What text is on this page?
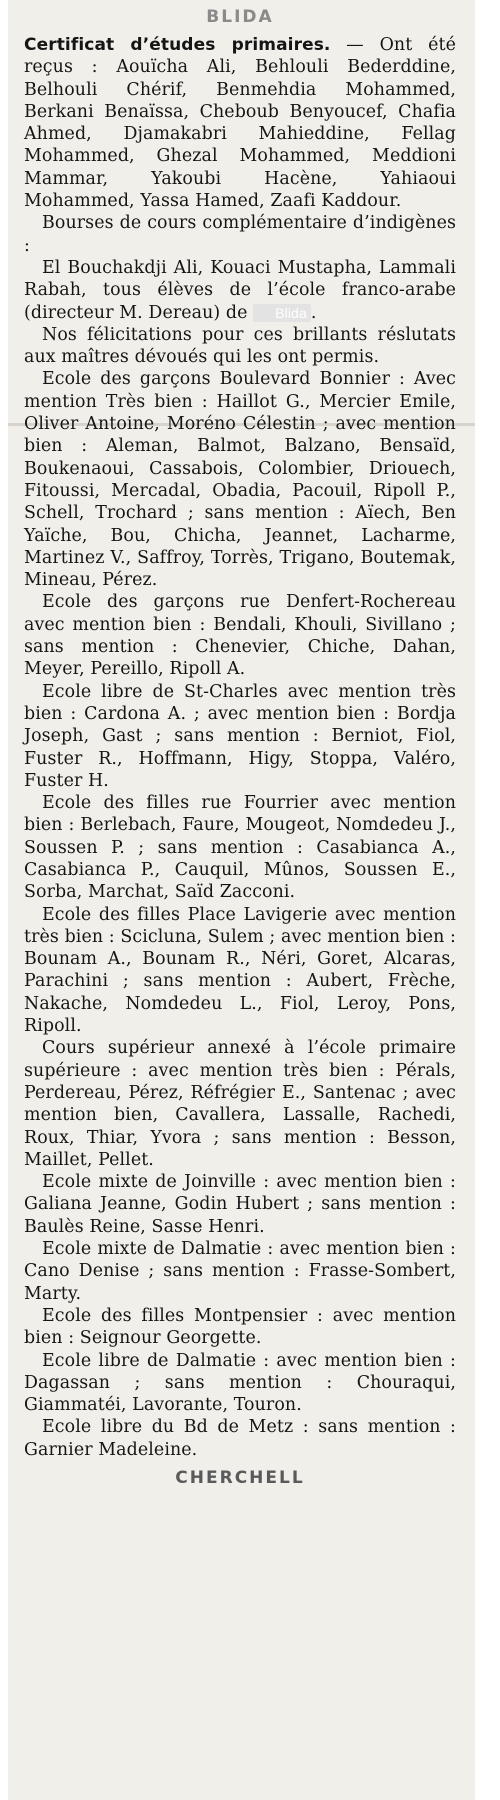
BLIDA

Certificat d’études primaires. — Ont été reçus : Aouïcha Ali, Behlouli Bederddine, Belhouli Chérif, Benmehdia Mohammed, Berkani Benaïssa, Cheboub Benyoucef, Chafia Ahmed, Djamakabri Mahieddine, Fellag Mohammed, Ghezal Mohammed, Meddioni Mammar, Yakoubi Hacène, Yahiaoui Mohammed, Yassa Hamed, Zaafi Kaddour.

Bourses de cours complémentaire d’indigènes :

El Bouchakdji Ali, Kouaci Mustapha, Lammali Rabah, tous élèves de l’école franco-arabe (directeur M. Dereau) de Blida .

Nos félicitations pour ces brillants réslutats aux maîtres dévoués qui les ont permis.

Ecole des garçons Boulevard Bonnier : Avec mention Très bien : Haillot G., Mercier Emile, Oliver Antoine, Moréno Célestin ; avec mention bien : Aleman, Balmot, Balzano, Bensaïd, Boukenaoui, Cassabois, Colombier, Driouech, Fitoussi, Mercadal, Obadia, Pacouil, Ripoll P., Schell, Trochard ; sans mention : Aïech, Ben Yaïche, Bou, Chicha, Jeannet, Lacharme, Martinez V., Saffroy, Torrès, Trigano, Boutemak, Mineau, Pérez.

Ecole des garçons rue Denfert-Rochereau avec mention bien : Bendali, Khouli, Sivillano ; sans mention : Chenevier, Chiche, Dahan, Meyer, Pereillo, Ripoll A.

Ecole libre de St-Charles avec mention très bien : Cardona A. ; avec mention bien : Bordja Joseph, Gast ; sans mention : Berniot, Fiol, Fuster R., Hoffmann, Higy, Stoppa, Valéro, Fuster H.

Ecole des filles rue Fourrier avec mention bien : Berlebach, Faure, Mougeot, Nomdedeu J., Soussen P. ; sans mention : Casabianca A., Casabianca P., Cauquil, Mûnos, Soussen E., Sorba, Marchat, Saïd Zacconi.

Ecole des filles Place Lavigerie avec mention très bien : Scicluna, Sulem ; avec mention bien : Bounam A., Bounam R., Néri, Goret, Alcaras, Parachini ; sans mention : Aubert, Frèche, Nakache, Nomdedeu L., Fiol, Leroy, Pons, Ripoll.

Cours supérieur annexé à l’école primaire supérieure : avec mention très bien : Pérals, Perdereau, Pérez, Réfrégier E., Santenac ; avec mention bien, Cavallera, Lassalle, Rachedi, Roux, Thiar, Yvora ; sans mention : Besson, Maillet, Pellet.

Ecole mixte de Joinville : avec mention bien : Galiana Jeanne, Godin Hubert ; sans mention : Baulès Reine, Sasse Henri.

Ecole mixte de Dalmatie : avec mention bien : Cano Denise ; sans mention : Frasse-Sombert, Marty.

Ecole des filles Montpensier : avec mention bien : Seignour Georgette.

Ecole libre de Dalmatie : avec mention bien : Dagassan ; sans mention : Chouraqui, Giammatéi, Lavorante, Touron.

Ecole libre du Bd de Metz : sans mention : Garnier Madeleine.

CHERCHELL
